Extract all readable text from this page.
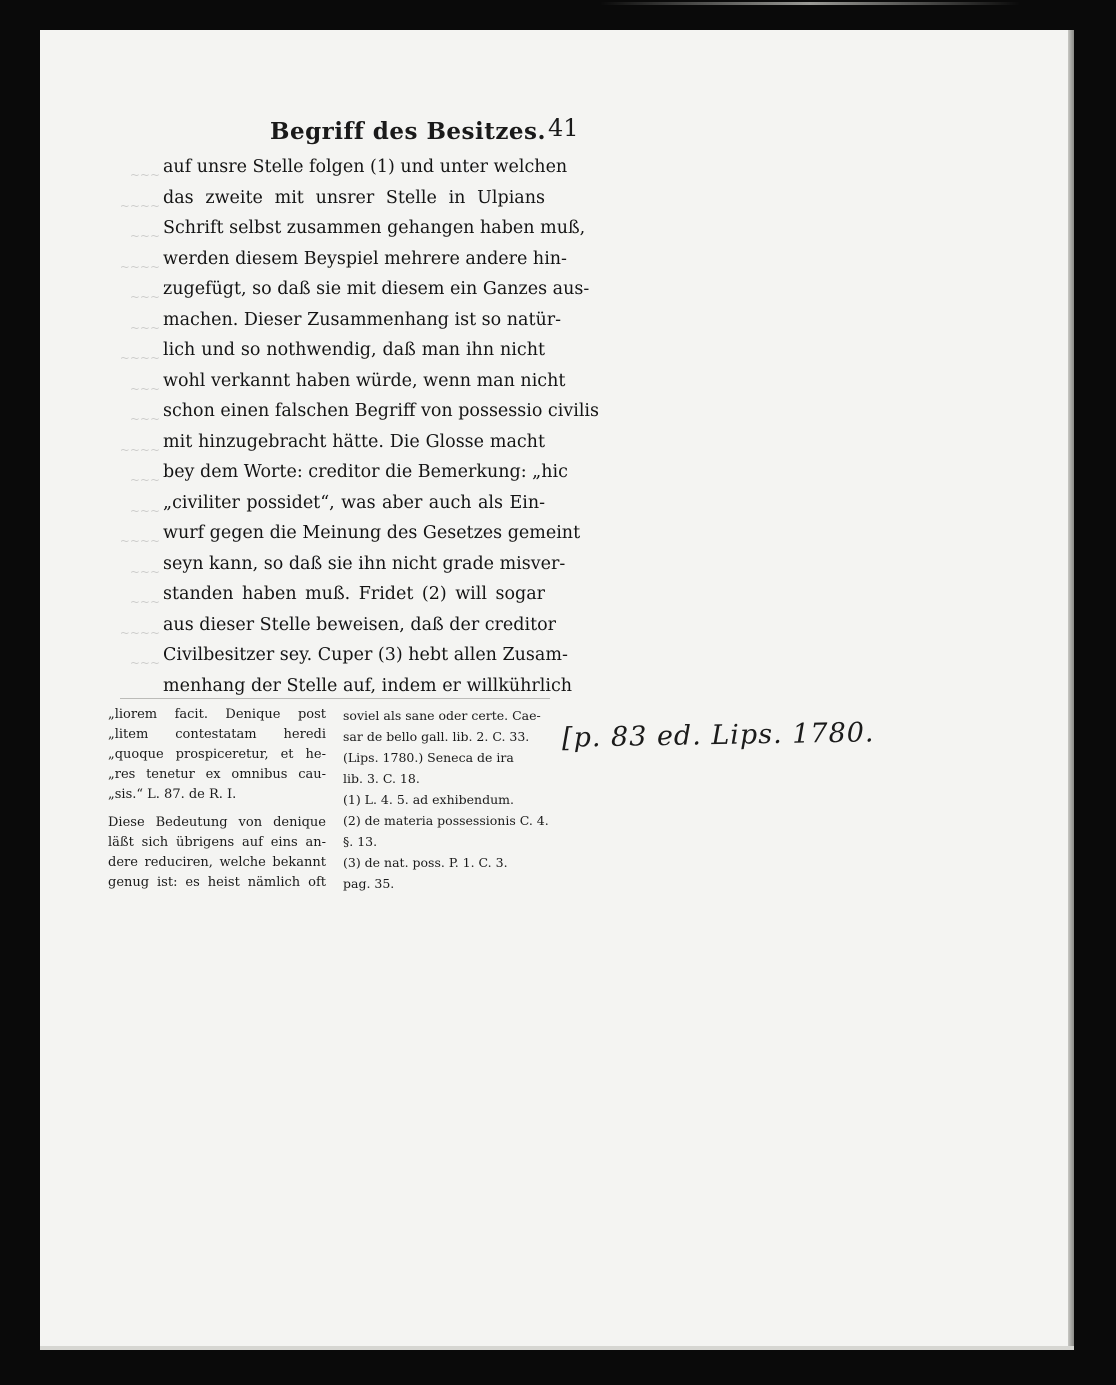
~~~
~~~~
~~~
~~~~
~~~
~~~
~~~~
~~~
~~~
~~~~
~~~
~~~
~~~~
~~~
~~~
~~~~
~~~
Begriff des Besitzes. 41
auf unsre Stelle folgen (1) und unter welchen
das zweite mit unsrer Stelle in Ulpians
Schrift selbst zusammen gehangen haben muß,
werden diesem Beyspiel mehrere andere hin-
zugefügt, so daß sie mit diesem ein Ganzes aus-
machen. Dieser Zusammenhang ist so natür-
lich und so nothwendig, daß man ihn nicht
wohl verkannt haben würde, wenn man nicht
schon einen falschen Begriff von possessio civilis
mit hinzugebracht hätte. Die Glosse macht
bey dem Worte: creditor die Bemerkung: „hic
„civiliter possidet“, was aber auch als Ein-
wurf gegen die Meinung des Gesetzes gemeint
seyn kann, so daß sie ihn nicht grade misver-
standen haben muß. Fridet (2) will sogar
aus dieser Stelle beweisen, daß der creditor
Civilbesitzer sey. Cuper (3) hebt allen Zusam-
menhang der Stelle auf, indem er willkührlich
„liorem facit. Denique post
„litem contestatam heredi
„quoque prospiceretur, et he-
„res tenetur ex omnibus cau-
„sis.“ L. 87. de R. I.
Diese Bedeutung von denique
läßt sich übrigens auf eins an-
dere reduciren, welche bekannt
genug ist: es heist nämlich oft
soviel als sane oder certe. Cae-
sar de bello gall. lib. 2. C. 33.
(Lips. 1780.) Seneca de ira
lib. 3. C. 18.
(1) L. 4. 5. ad exhibendum.
(2) de materia possessionis C. 4.
§. 13.
(3) de nat. poss. P. 1. C. 3.
pag. 35.
[p. 83 ed. Lips. 1780.
